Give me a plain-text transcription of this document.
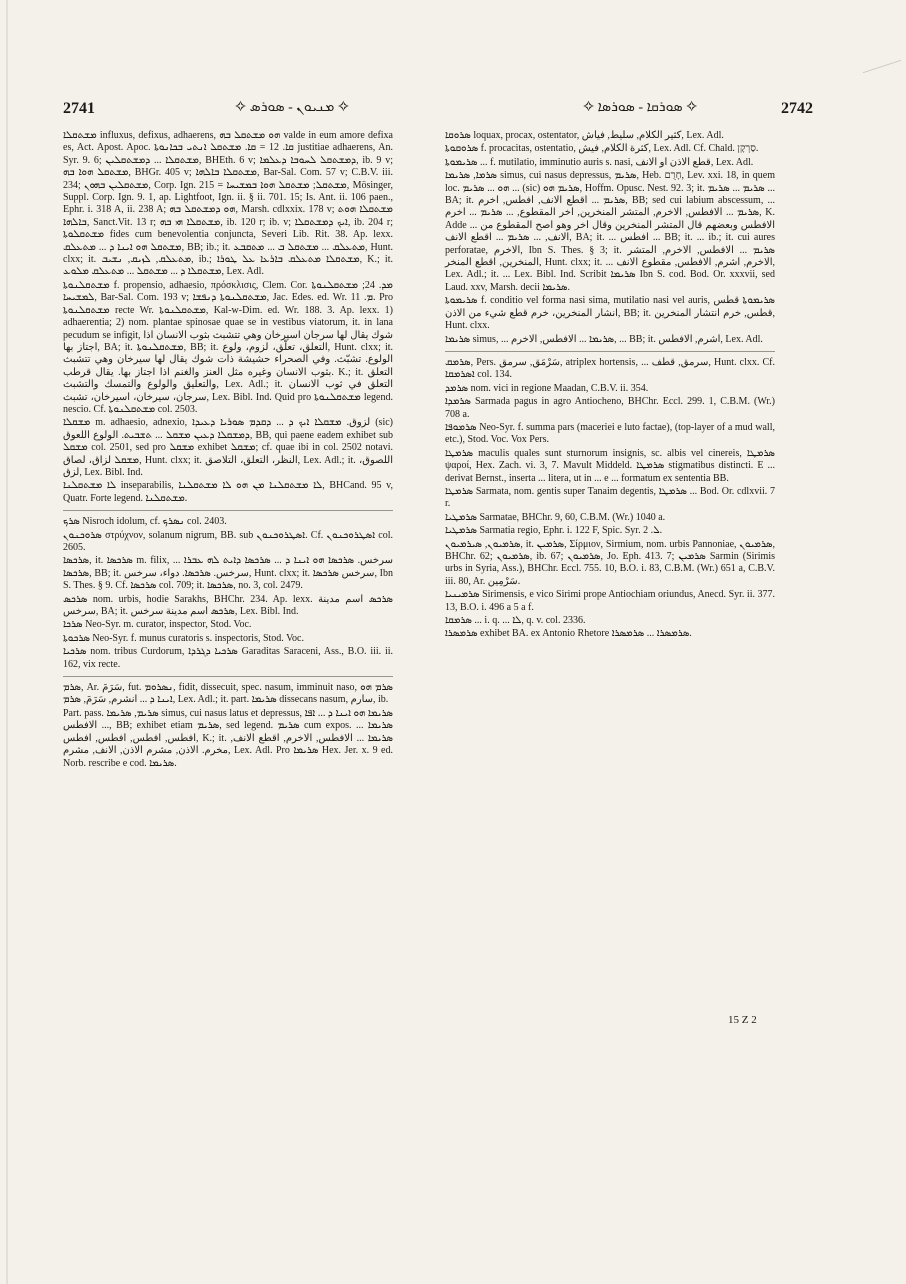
2741	✧ ܡܢܝܘܢ - ܣܘܪܣ ✧	✧ ܣܘܪܩܐ - ܣܘܪܣܐ ✧	2742

ܡܫܬܩܠܐ influxus, defixus, adhaerens, ܗܘ ܡܫܬܩܠ ܒܗ valde in eum amore defixa es, Act. Apost. Apoc. ܩܐ. 12 = ܩܐ. ܡܫܬܩܠ ܐܢܬܝ ܒܟܐܢܘܬܐ justitiae adhaerens, An. Syr. 9. 6; ܡܫܬܩܠܐ ... ܕܡܫܬܩܠܝܢ, BHEth. 6 v; ܕܡܫܬܩܠ ܠܚܘܒܐ ܕܥܠܡܐ, ib. 9 v; ܡܫܬܩܠ ܗܘܐ ܒܗ, BHGr. 405 v; ܡܫܬܩܠܐ ܒܐܠܗܐ, Bar-Sal. Com. 57 v; C.B.V. iii. 234; ܡܫܬܩܠܝܢ ܒܗܘܢ, Corp. Ign. 215 = ܡܫܬܩܠ; ܡܫܬܩܠ ܗܘܐ ܒܡܫܝܚܐ, Mösinger, Suppl. Corp. Ign. 9. 1, ap. Lightfoot, Ign. ii. § ii. 701. 15; Is. Ant. ii. 106 paen., Ephr. i. 318 A, ii. 238 A; ܗܘ ܕܡܫܬܩܠ ܒܗ, Marsh. cdlxxix. 178 v; ܡܫܬܩܠܐ ܗܘܬ ܒܐܠܗܐ, Sanct.Vit. 13 r; ܡܫܬܩܠܐ ܗܝ ܒܗ, ib. 120 r; ib. v; ܐܝܟ ܕܡܫܬܩܠܐ, ib. 204 r; ܡܫܬܩܠܘܬܐ fides cum benevolentia conjuncta, Severi Lib. Rit. 38. Ap. lexx. ܡܫܬܩܠ ܗܘ ܐܝܢܐ ܕ ... ܡܬܥܠܩ, BB; ib.; it. ܡܬܥܠܩ ... ܡܫܬܩܠ ܒ ... ܡܬܩܒܥ, Hunt. clxx; it. ܡܬܥܠܩ, ܠܙܝܩ, ܢܫܝܒ, ib.; ܡܫܬܩܠܐ ܡܬܥܠܩ ܒܐܪܥܐ ܥܠ ܛܘܪܐ, K.; it. ܡܫܬܩܠܐ ܕ ... ܡܫܬܩܠ ... ܡܬܥܠܩ ܡܠܘܥ, Lex. Adl.

ܡܫܬܩܠܢܘܬܐ f. propensio, adhaesio, πρόσκλισις, Clem. Cor. ܡܕ. 24; ܡܫܬܩܠܢܘܬܐ ܠܡܫܝܚܐ, Bar-Sal. Com. 193 v; ܡܫܬܩܠܢܘܬܐ ܕܢܦܫܐ, Jac. Edes. ed. Wr. ܡ. 11. Pro ܡܫܬܩܠܢܘܬܐ recte Wr. ܡܫܬܩܠܢܘܬܐ, Kal-w-Dim. ed. Wr. 188. 3. Ap. lexx. 1) adhaerentia; 2) nom. plantae spinosae quae se in vestibus viatorum, it. in lana pecudum se infigit, شوك يقال لها سرجان اسيرخان وهي تتشبث بثوب الانسان اذا اجتاز بها, BA; it. ܡܫܬܩܠܢܘܬܐ, BB; it. التعلق، تعلّق، لزوم، ولوع, Hunt. clxx; it. الولوع. تشبّث. وفي الصحراء حشيشة ذات شوك يقال لها سيرخان وهي تتشبث بثوب الانسان وغيره مثل العنز والغنم اذا اجتاز بها. يقال قرطب. K.; it. التعلق والتعليق والولوع والتمسك والتشبث, Lex. Adl.; it. التعلق في ثوب الانسان سرجان، سيرخان، اسيرخان، تشبث, Lex. Bibl. Ind. Quid pro ܡܫܬܩܠܢܘܬܐ legend. nescio. Cf. ܡܫܬܩܠܢܘܬܐ col. 2503.

ܡܫܩܠܐ m. adhaesio, adnexio, لزوق. ܡܫܩܠܐ ܐܝܟ ܕ ... ܕܩܕܡ ܣܘܪܝܐ ܕܥܝܕܐ (sic) ܕܡܫܩܠܐ ܕܥܝܢ ܡܫܩܠ ... ܬܫܒܝܬ. الولوع اللعوق, BB, qui paene eadem exhibet sub ܡܫܩܠ col. 2501, sed pro ܡܫܩܠ exhibet ܡܫܩܠ; cf. quae ibi in col. 2502 notavi. ܡܫܩܠ لزاق، لصاق, Hunt. clxx; it. النظر، التعلق، التلاصق, Lex. Adl.; it. اللصوق، لزق, Lex. Bibl. Ind.

ܠܐ ܡܫܬܩܠܢܐ inseparabilis, ܠܐ ܡܫܬܩܠܢܐ ܡܢ ܗܘ ܠܐ ܡܫܬܩܠܢܐ, BHCand. 95 v, Quatr. Forte legend. ܡܫܬܩܠܢܐ.

ܣܪܟ Nisroch idolum, cf. ܢܣܪܟ col. 2403.

ܣܪܘܟܢܘܢ στρύχνον, solanum nigrum, BB. sub ܐܣܛܪܘܟܢܘܢ. Cf. ܐܣܛܪܘܟܢܘܢ col. 2605.

ܣܪܟܣܐ, it. ܣܪܟܣܐ m. filix, سرخس. ܣܪܟܣܐ ܗܘ ܐܝܢܐ ܕ ... ܣܪܟܣܐ ܕܐܝܬ ܠܗ ܥܒܪܐ ... ܣܪܟܣܐ, BB; it. سرخس. ܣܪܟܣܐ. دواء، سرخس, Hunt. clxx; it. سرخس ܣܪܟܣܐ, Ibn S. Thes. § 9. Cf. ܣܪܟܣܐ col. 709; it. ܣܪܟܣܐ, no. 3, col. 2479.

ܣܪܟܣ nom. urbis, hodie Sarakhs, BHChr. 234. Ap. lexx. ܣܪܟܣ اسم مدينة سرخس, BA; it. ܣܪܟܣ اسم مدينة سرخس, Lex. Bibl. Ind.

ܣܪܟܐ Neo-Syr. m. curator, inspector, Stod. Voc.

ܣܪܟܘܬܐ Neo-Syr. f. munus curatoris s. inspectoris, Stod. Voc.

ܣܪܟܝܐ nom. tribus Curdorum, ܣܪܟܝܐ ܕܓܪܕܐ Garaditas Saraceni, Ass., B.O. iii. ii. 162, vix recte.

ܣܪܡ, Ar. سَرَمَ, fut. ܢܣܪܘܡ, fidit, dissecuit, spec. nasum, imminuit naso, ܣܪܡ ܗܘ ܐܝܢܐ ܕ ... انشرم, سَرَمَ, ܣܪܡ, Lex. Adl.; it. part. ܣܪܝܡܐ dissecans nasum, سارم, ib.

Part. pass. ܣܪܝܡ, ܣܪܝܡܐ simus, cui nasus latus et depressus, ܣܪܝܡܐ ܗܘ ܐܝܢܐ ܕ ... ܐܦܐ ... الافطس, BB; exhibet etiam ܣܪܝܡ, sed legend. ܣܪܝܡ cum expos. ܣܪܝܡܐ ... افطس, افطس, افطس, افطس, K.; it. ܣܪܝܡܐ ... الافطس, الاخرم, اقطع الانف, مخرم. الاذن, مشرم الاذن, الانف, مشرم, Lex. Adl. Pro ܣܪܝܡܐ Hex. Jer. x. 9 ed. Norb. rescribe e cod. ܣܪܝܡܐ.

ܣܪܘܩܐ loquax, procax, ostentator, كثير الكلام, سليط, فياش, Lex. Adl.

ܣܪܘܩܘܬܐ f. procacitas, ostentatio, كثرة الكلام, فيش, Lex. Adl. Cf. Chald. סַרְקָן.

ܣܪܝܡܘܬܐ ... f. mutilatio, imminutio auris s. nasi, قطع الاذن او الانف, Lex. Adl.

ܣܪܡܐ, ܣܪܝܡܐ simus, cui nasus depressus, ܣܪܝܡ, Heb. חָרֻם, Lev. xxi. 18, in quem loc. ܗܘ ... ܣܪܝܡ ... (sic) ܣܪܝܡ ܗܘ, Hoffm. Opusc. Nest. 92. 3; it. ܣܪܝܡ ... ܣܪܝܡ ... BA; it. ܣܪܝܡ ... اقطع الانف, افطس, اخرم, BB; sed cui labium abscessum, ... ܣܪܝܡ ... الافطس, الاخرم, المتشر المنخرين, اخر المقطوع, ... ܣܪܝܡ ... اخرم, K. Adde ... الافطس وبعضهم قال المتشر المنخرين وقال اخر وهو اصح المقطوع من الانف, ... ܣܪܝܡ ... اقطع الانف, BA; it. ... افطس ... BB; it. ... ib.; it. cui aures perforatae, الاخرم, Ibn S. Thes. § 3; it. ܣܪܝܡ ... الافطس, الاخرم, المتشر المنخرين, اقطع المنخر, Hunt. clxx; it. ... الاخرم, اشرم, الافطس, مقطوع الانف, Lex. Adl.; it. ... Lex. Bibl. Ind. Scribit ܣܪܝܡܐ Ibn S. cod. Bod. Or. xxxvii, sed Laud. xxv, Marsh. decii ܣܪܝܡܐ.

ܣܪܝܡܘܬܐ f. conditio vel forma nasi sima, mutilatio nasi vel auris, ܣܪܝܡܘܬܐ قطس انشار المنخرين، خرم قطع شيء من الاذن, BB; it. قطس, خرم انتشار المنخرين, Hunt. clxx.

ܣܪܝܡܐ simus, ... ܣܪܝܡܐ ... الافطس, الاخرم, ... BB; it. اشرم, الافطس, Lex. Adl.

ܣܪܡܩ, Pers. سَرْمَق, سرمق, atriplex hortensis, ... سرمق, قطف, Hunt. clxx. Cf. ܐܣܪܡܩܐ col. 134.

ܣܪܡܕ nom. vici in regione Maadan, C.B.V. ii. 354.

ܣܪܡܕܐ Sarmada pagus in agro Antiocheno, BHChr. Eccl. 299. 1, C.B.M. (Wr.) 708 a.

ܣܪܡܘܦܐ Neo-Syr. f. summa pars (maceriei e luto factae), (top-layer of a mud wall, etc.), Stod. Voc. Vox Pers.

ܣܪܡܛܐ maculis quales sunt sturnorum insignis, sc. albis vel cinereis, ܣܪܡܛܐ ψαροί, Hex. Zach. vi. 3, 7. Mavult Middeld. ܣܪܡܛܐ stigmatibus distincti. E ... derivat Bernst., inserta ... litera, ut in ... e ... formatum ex sententia BB.

ܣܪܡܛܐ Sarmata, nom. gentis super Tanaim degentis, ܣܪܡܛܐ ... Bod. Or. cdlxvii. 7 r.

ܣܪܡܛܝܐ Sarmatae, BHChr. 9, 60, C.B.M. (Wr.) 1040 a.

ܣܪܡܛܝܐ Sarmatia regio, Ephr. i. 122 F, Spic. Syr. ܠ. 2.

ܣܪܡܝܘܢ, ܣܝܪܡܝܘܢ, it. ܣܪܡܝܢ, Σίρμιον, Sirmium, nom. urbis Pannoniae, ܣܪܡܝܘܢ, BHChr. 62; ܣܪܡܝܘܢ, ib. 67; ܣܪܡܝܘܢ, Jo. Eph. 413. 7; ܣܪܡܝܢ Sarmin (Sirimis urbs in Syria, Ass.), BHChr. Eccl. 755. 10, B.O. i. 83, C.B.M. (Wr.) 651 a, C.B.V. iii. 80, Ar. سَرْمِين.

ܣܪܡܝܢܝܐ Sirimensis, e vico Sirimi prope Antiochiam oriundus, Anecd. Syr. ii. 377. 13, B.O. i. 496 a 5 a f.

ܣܪܡܩܐ ... i. q. ... ܠܐ, q. v. col. 2336.

ܣܪܡܣܪܐ exhibet BA. ex Antonio Rhetore ܣܪܡܣܪܐ ... ܣܪܡܣܪܐ.

15 Z 2
